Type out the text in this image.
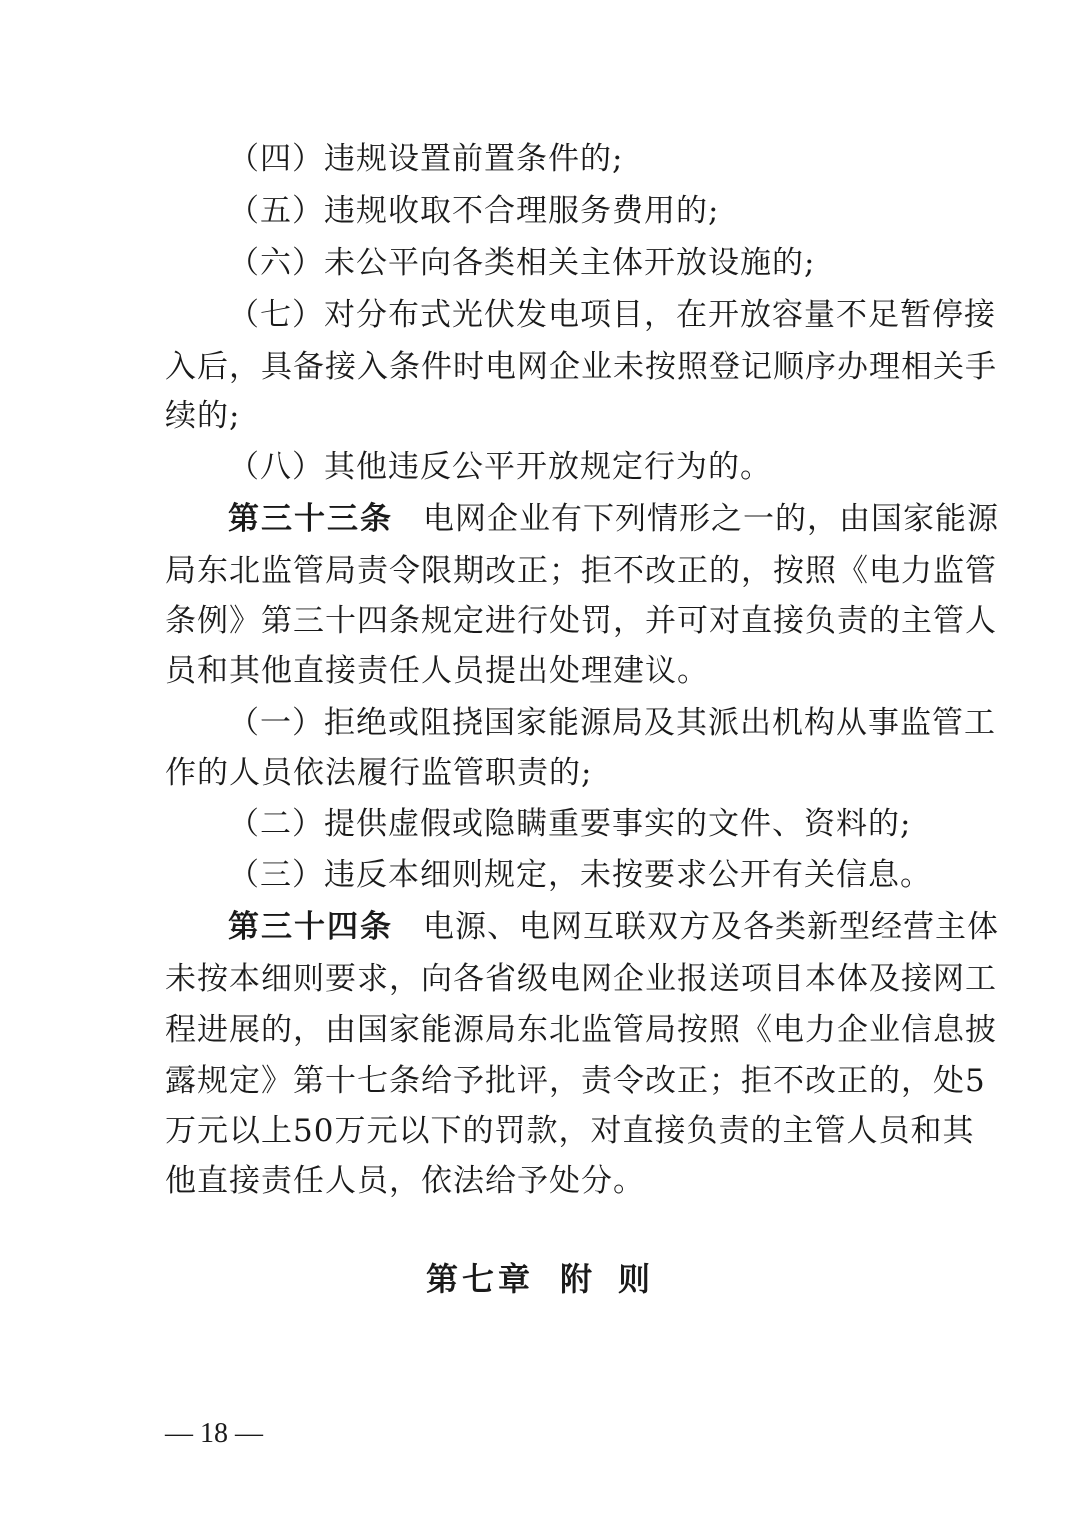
（四）违规设置前置条件的;
（五）违规收取不合理服务费用的;
（六）未公平向各类相关主体开放设施的;
（七）对分布式光伏发电项目，在开放容量不足暂停接
入后，具备接入条件时电网企业未按照登记顺序办理相关手
续的;
（八）其他违反公平开放规定行为的。
第三十三条 电网企业有下列情形之一的，由国家能源
局东北监管局责令限期改正；拒不改正的，按照《电力监管
条例》第三十四条规定进行处罚，并可对直接负责的主管人
员和其他直接责任人员提出处理建议。
（一）拒绝或阻挠国家能源局及其派出机构从事监管工
作的人员依法履行监管职责的;
（二）提供虚假或隐瞒重要事实的文件、资料的;
（三）违反本细则规定，未按要求公开有关信息。
第三十四条 电源、电网互联双方及各类新型经营主体
未按本细则要求，向各省级电网企业报送项目本体及接网工
程进展的，由国家能源局东北监管局按照《电力企业信息披
露规定》第十七条给予批评，责令改正；拒不改正的，处5
万元以上50万元以下的罚款，对直接负责的主管人员和其
他直接责任人员，依法给予处分。
第七章 附 则
— 18 —
